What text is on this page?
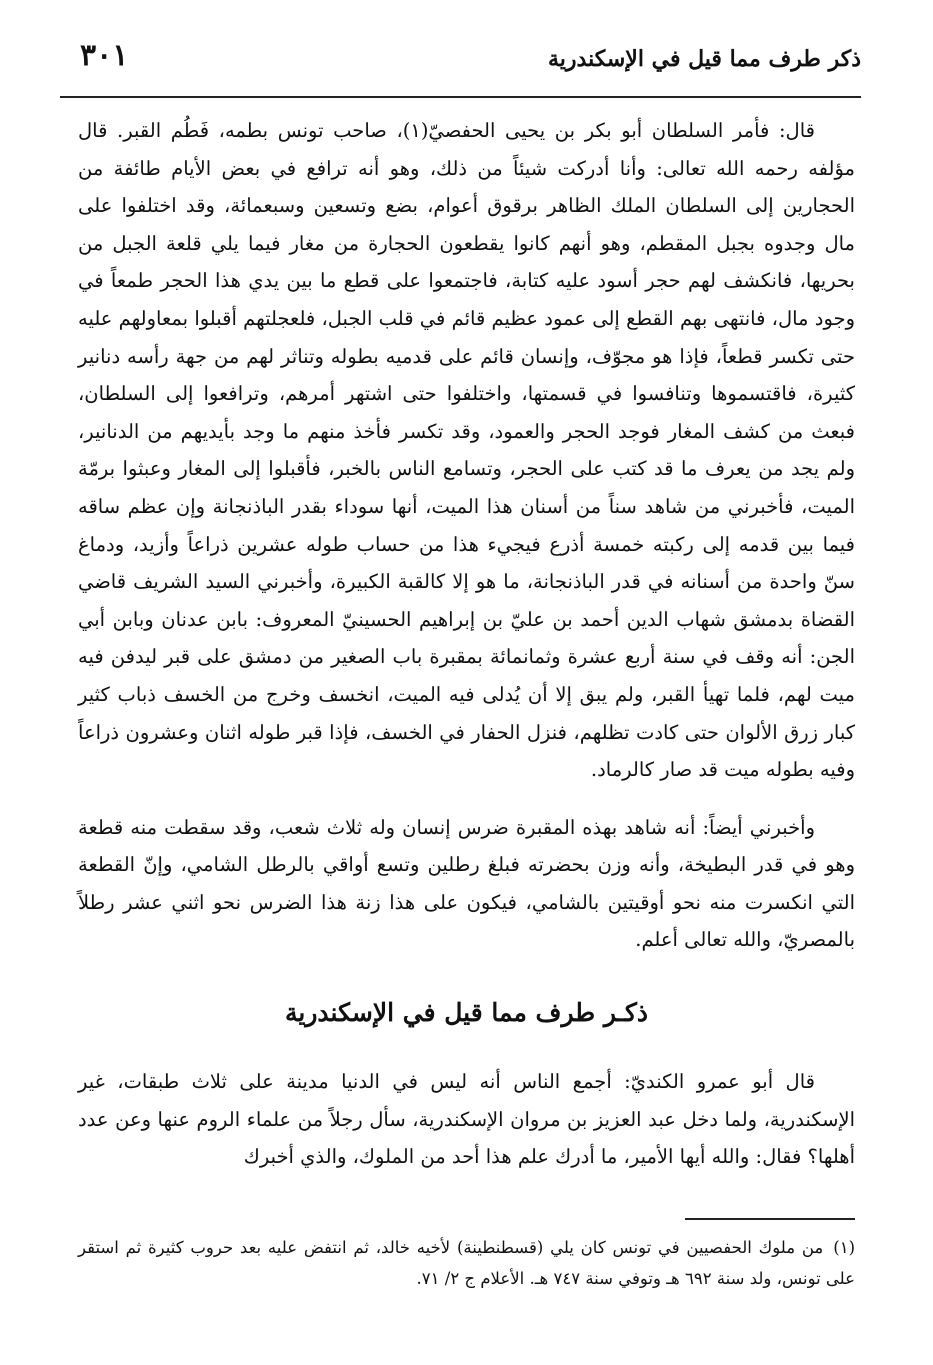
ذكر طرف مما قيل في الإسكندرية
٣٠١

قال: فأمر السلطان أبو بكر بن يحيى الحفصيّ(١)، صاحب تونس بطمه، فَطُم القبر. قال مؤلفه رحمه الله تعالى: وأنا أدركت شيئاً من ذلك، وهو أنه ترافع في بعض الأيام طائفة من الحجارين إلى السلطان الملك الظاهر برقوق أعوام، بضع وتسعين وسبعمائة، وقد اختلفوا على مال وجدوه بجبل المقطم، وهو أنهم كانوا يقطعون الحجارة من مغار فيما يلي قلعة الجبل من بحريها، فانكشف لهم حجر أسود عليه كتابة، فاجتمعوا على قطع ما بين يدي هذا الحجر طمعاً في وجود مال، فانتهى بهم القطع إلى عمود عظيم قائم في قلب الجبل، فلعجلتهم أقبلوا بمعاولهم عليه حتى تكسر قطعاً، فإذا هو مجوّف، وإنسان قائم على قدميه بطوله وتناثر لهم من جهة رأسه دنانير كثيرة، فاقتسموها وتنافسوا في قسمتها، واختلفوا حتى اشتهر أمرهم، وترافعوا إلى السلطان، فبعث من كشف المغار فوجد الحجر والعمود، وقد تكسر فأخذ منهم ما وجد بأيديهم من الدنانير، ولم يجد من يعرف ما قد كتب على الحجر، وتسامع الناس بالخبر، فأقبلوا إلى المغار وعبثوا برمّة الميت، فأخبرني من شاهد سناً من أسنان هذا الميت، أنها سوداء بقدر الباذنجانة وإن عظم ساقه فيما بين قدمه إلى ركبته خمسة أذرع فيجيء هذا من حساب طوله عشرين ذراعاً وأزيد، ودماغ سنّ واحدة من أسنانه في قدر الباذنجانة، ما هو إلا كالقبة الكبيرة، وأخبرني السيد الشريف قاضي القضاة بدمشق شهاب الدين أحمد بن عليّ بن إبراهيم الحسينيّ المعروف: بابن عدنان وبابن أبي الجن: أنه وقف في سنة أربع عشرة وثمانمائة بمقبرة باب الصغير من دمشق على قبر ليدفن فيه ميت لهم، فلما تهيأ القبر، ولم يبق إلا أن يُدلى فيه الميت، انخسف وخرج من الخسف ذباب كثير كبار زرق الألوان حتى كادت تظلهم، فنزل الحفار في الخسف، فإذا قبر طوله اثنان وعشرون ذراعاً وفيه بطوله ميت قد صار كالرماد.

وأخبرني أيضاً: أنه شاهد بهذه المقبرة ضرس إنسان وله ثلاث شعب، وقد سقطت منه قطعة وهو في قدر البطيخة، وأنه وزن بحضرته فبلغ رطلين وتسع أواقي بالرطل الشامي، وإنّ القطعة التي انكسرت منه نحو أوقيتين بالشامي، فيكون على هذا زنة هذا الضرس نحو اثني عشر رطلاً بالمصريّ، والله تعالى أعلم.

ذكـر طرف مما قيل في الإسكندرية

قال أبو عمرو الكنديّ: أجمع الناس أنه ليس في الدنيا مدينة على ثلاث طبقات، غير الإسكندرية، ولما دخل عبد العزيز بن مروان الإسكندرية، سأل رجلاً من علماء الروم عنها وعن عدد أهلها؟ فقال: والله أيها الأمير، ما أدرك علم هذا أحد من الملوك، والذي أخبرك

(١)من ملوك الحفصيين في تونس كان يلي (قسطنطينة) لأخيه خالد، ثم انتفض عليه بعد حروب كثيرة ثم استقر على تونس، ولد سنة ٦٩٢ هـ وتوفي سنة ٧٤٧ هـ. الأعلام ج ٢/ ٧١.
